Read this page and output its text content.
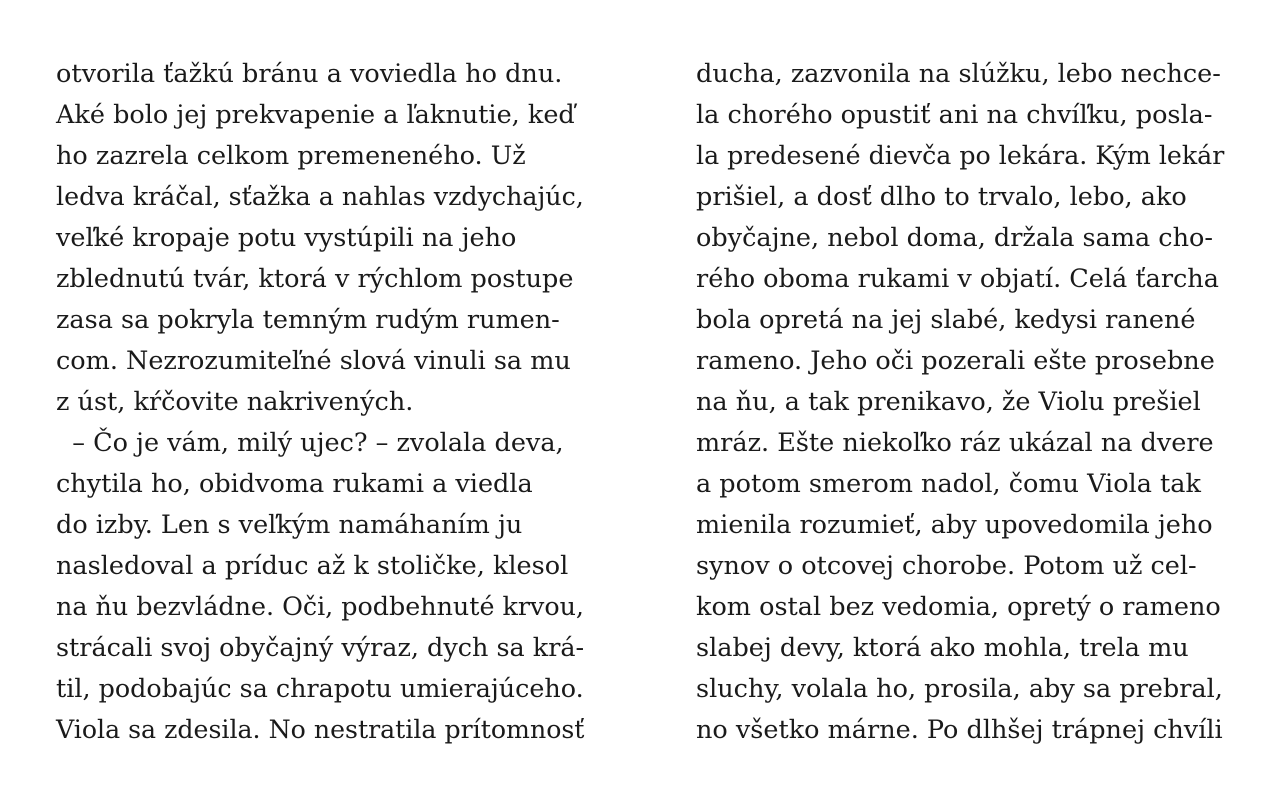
otvorila ťažkú bránu a voviedla ho dnu.
Aké bolo jej prekvapenie a ľaknutie, keď
ho zazrela celkom premeneného. Už
ledva kráčal, sťažka a nahlas vzdychajúc,
veľké kropaje potu vystúpili na jeho
zblednutú tvár, ktorá v rýchlom postupe
zasa sa pokryla temným rudým rumen-
com. Nezrozumiteľné slová vinuli sa mu
z úst, kŕčovite nakrivených.
– Čo je vám, milý ujec? – zvolala deva,
chytila ho, obidvoma rukami a viedla
do izby. Len s veľkým namáhaním ju
nasledoval a príduc až k stoličke, klesol
na ňu bezvládne. Oči, podbehnuté krvou,
strácali svoj obyčajný výraz, dych sa krá-
til, podobajúc sa chrapotu umierajúceho.
Viola sa zdesila. No nestratila prítomnosť
ducha, zazvonila na slúžku, lebo nechce-
la chorého opustiť ani na chvíľku, posla-
la predesené dievča po lekára. Kým lekár
prišiel, a dosť dlho to trvalo, lebo, ako
obyčajne, nebol doma, držala sama cho-
rého oboma rukami v objatí. Celá ťarcha
bola opretá na jej slabé, kedysi ranené
rameno. Jeho oči pozerali ešte prosebne
na ňu, a tak prenikavo, že Violu prešiel
mráz. Ešte niekoľko ráz ukázal na dvere
a potom smerom nadol, čomu Viola tak
mienila rozumieť, aby upovedomila jeho
synov o otcovej chorobe. Potom už cel-
kom ostal bez vedomia, opretý o rameno
slabej devy, ktorá ako mohla, trela mu
sluchy, volala ho, prosila, aby sa prebral,
no všetko márne. Po dlhšej trápnej chvíli
